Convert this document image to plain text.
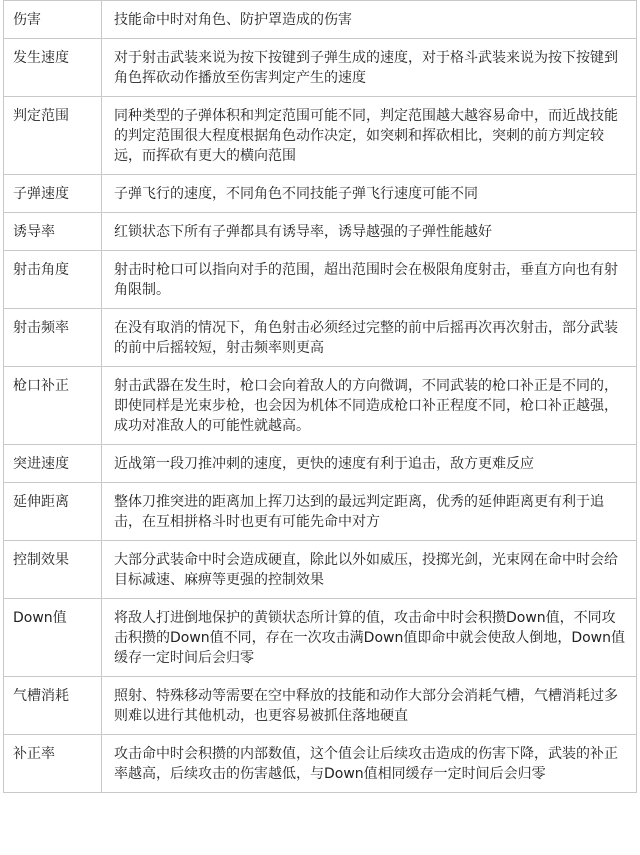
伤害	技能命中时对角色、防护罩造成的伤害
发生速度	对于射击武装来说为按下按键到子弹生成的速度，对于格斗武装来说为按下按键到角色挥砍动作播放至伤害判定产生的速度
判定范围	同种类型的子弹体积和判定范围可能不同，判定范围越大越容易命中，而近战技能的判定范围很大程度根据角色动作决定，如突刺和挥砍相比，突刺的前方判定较远，而挥砍有更大的横向范围
子弹速度	子弹飞行的速度，不同角色不同技能子弹飞行速度可能不同
诱导率	红锁状态下所有子弹都具有诱导率，诱导越强的子弹性能越好
射击角度	射击时枪口可以指向对手的范围，超出范围时会在极限角度射击，垂直方向也有射角限制。
射击频率	在没有取消的情况下，角色射击必须经过完整的前中后摇再次再次射击，部分武装的前中后摇较短，射击频率则更高
枪口补正	射击武器在发生时，枪口会向着敌人的方向微调，不同武装的枪口补正是不同的，即使同样是光束步枪，也会因为机体不同造成枪口补正程度不同，枪口补正越强，成功对准敌人的可能性就越高。
突进速度	近战第一段刀推冲刺的速度，更快的速度有利于追击，敌方更难反应
延伸距离	整体刀推突进的距离加上挥刀达到的最远判定距离，优秀的延伸距离更有利于追击，在互相拼格斗时也更有可能先命中对方
控制效果	大部分武装命中时会造成硬直，除此以外如威压，投掷光剑，光束网在命中时会给目标减速、麻痹等更强的控制效果
Down值	将敌人打进倒地保护的黄锁状态所计算的值，攻击命中时会积攒Down值，不同攻击积攒的Down值不同，存在一次攻击满Down值即命中就会使敌人倒地，Down值缓存一定时间后会归零
气槽消耗	照射、特殊移动等需要在空中释放的技能和动作大部分会消耗气槽，气槽消耗过多则难以进行其他机动，也更容易被抓住落地硬直
补正率	攻击命中时会积攒的内部数值，这个值会让后续攻击造成的伤害下降，武装的补正率越高，后续攻击的伤害越低，与Down值相同缓存一定时间后会归零
